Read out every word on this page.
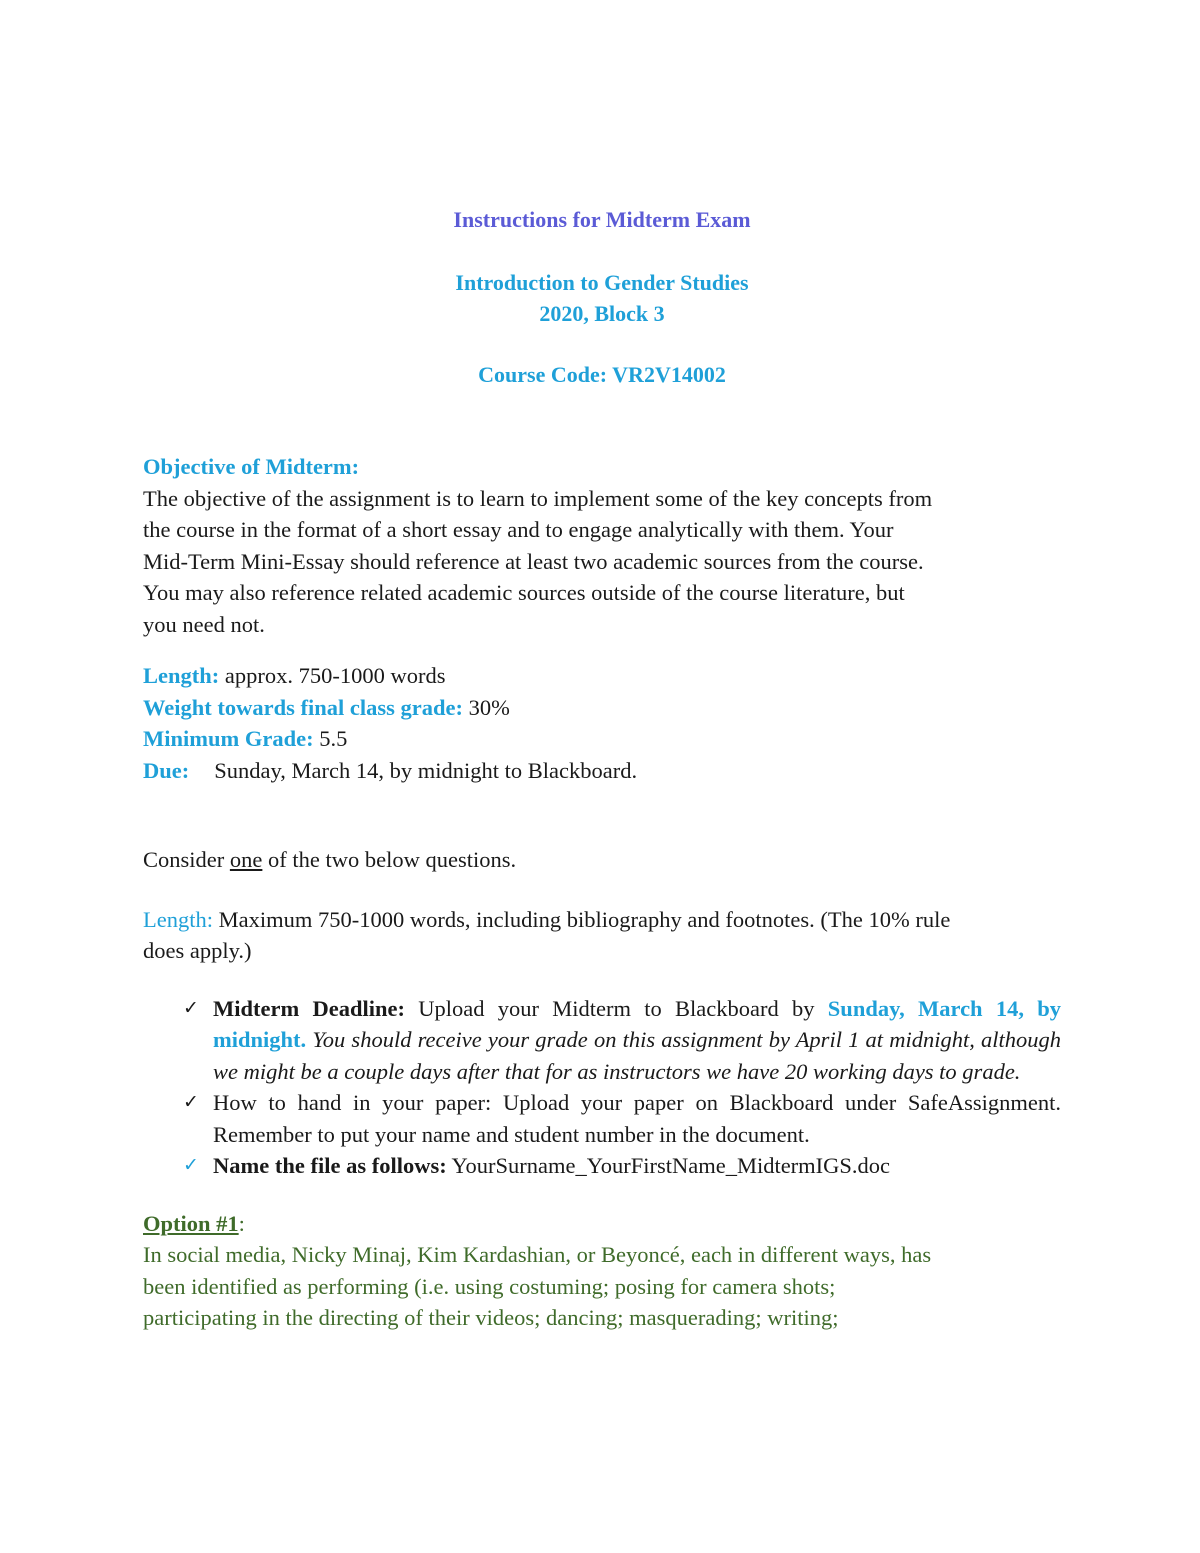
Instructions for Midterm Exam
Introduction to Gender Studies
2020, Block 3
Course Code: VR2V14002
Objective of Midterm:
The objective of the assignment is to learn to implement some of the key concepts from
the course in the format of a short essay and to engage analytically with them. Your
Mid-Term Mini-Essay should reference at least two academic sources from the course.
You may also reference related academic sources outside of the course literature, but
you need not.
Length: approx. 750-1000 words
Weight towards final class grade: 30%
Minimum Grade: 5.5
Due: Sunday, March 14, by midnight to Blackboard.
Consider one of the two below questions.
Length: Maximum 750-1000 words, including bibliography and footnotes. (The 10% rule
does apply.)
✓ Midterm Deadline: Upload your Midterm to Blackboard by Sunday, March 14, by midnight. You should receive your grade on this assignment by April 1 at midnight, although we might be a couple days after that for as instructors we have 20 working days to grade.
✓ How to hand in your paper: Upload your paper on Blackboard under SafeAssignment. Remember to put your name and student number in the document.
✓ Name the file as follows: YourSurname_YourFirstName_MidtermIGS.doc
Option #1:
In social media, Nicky Minaj, Kim Kardashian, or Beyoncé, each in different ways, has
been identified as performing (i.e. using costuming; posing for camera shots;
participating in the directing of their videos; dancing; masquerading; writing;
